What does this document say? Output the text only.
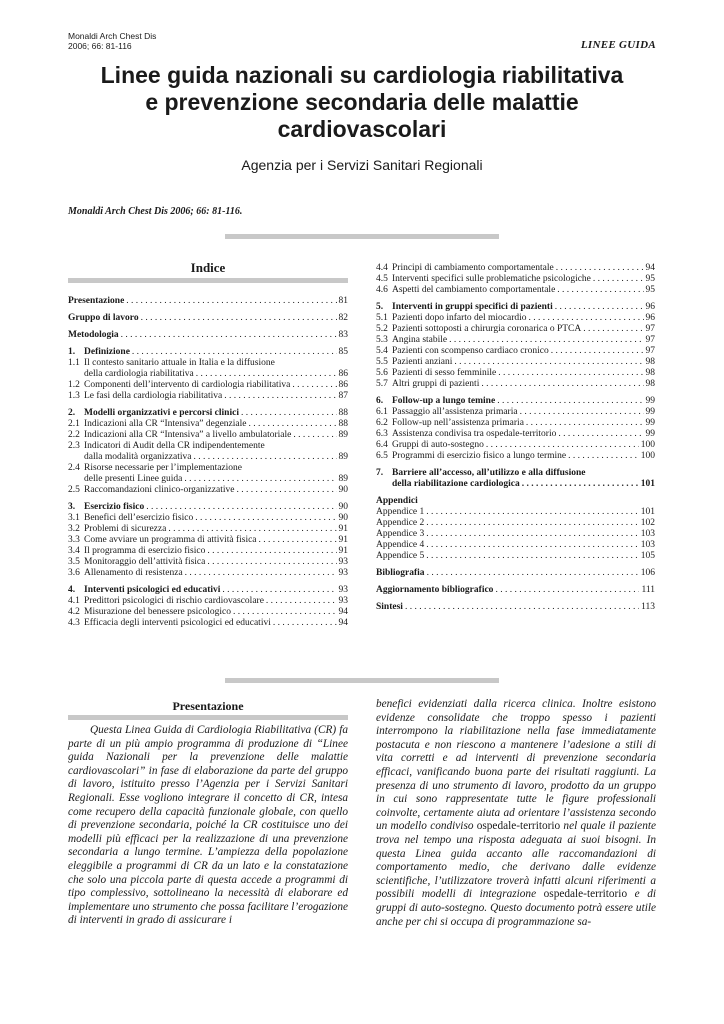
Monaldi Arch Chest Dis
2006; 66: 81-116	LINEE GUIDA
Linee guida nazionali su cardiologia riabilitativa
e prevenzione secondaria delle malattie
cardiovascolari
Agenzia per i Servizi Sanitari Regionali
Monaldi Arch Chest Dis 2006; 66: 81-116.
Indice
Presentazione . . .	81
Gruppo di lavoro . . .	82
Metodologia . . .	83
1. Definizione . . .	85
1.1 Il contesto sanitario attuale in Italia e la diffusione
della cardiologia riabilitativa . . .	86
1.2 Componenti dell’intervento di cardiologia riabilitativa . . .	86
1.3 Le fasi della cardiologia riabilitativa . . .	87
2. Modelli organizzativi e percorsi clinici . . .	88
2.1 Indicazioni alla CR “Intensiva” degenziale . . .	88
2.2 Indicazioni alla CR “Intensiva” a livello ambulatoriale . . .	89
2.3 Indicatori di Audit della CR indipendentemente
dalla modalità organizzativa . . .	89
2.4 Risorse necessarie per l’implementazione
delle presenti Linee guida . . .	89
2.5 Raccomandazioni clinico-organizzative . . .	90
3. Esercizio fisico . . .	90
3.1 Benefici dell’esercizio fisico . . .	90
3.2 Problemi di sicurezza . . .	91
3.3 Come avviare un programma di attività fisica . . .	91
3.4 Il programma di esercizio fisico . . .	91
3.5 Monitoraggio dell’attività fisica . . .	93
3.6 Allenamento di resistenza . . .	93
4. Interventi psicologici ed educativi . . .	93
4.1 Predittori psicologici di rischio cardiovascolare . . .	93
4.2 Misurazione del benessere psicologico . . .	94
4.3 Efficacia degli interventi psicologici ed educativi . . .	94
4.4 Principi di cambiamento comportamentale . . .	94
4.5 Interventi specifici sulle problematiche psicologiche . . .	95
4.6 Aspetti del cambiamento comportamentale . . .	95
5. Interventi in gruppi specifici di pazienti . . .	96
5.1 Pazienti dopo infarto del miocardio . . .	96
5.2 Pazienti sottoposti a chirurgia coronarica o PTCA . . .	97
5.3 Angina stabile . . .	97
5.4 Pazienti con scompenso cardiaco cronico . . .	97
5.5 Pazienti anziani . . .	98
5.6 Pazienti di sesso femminile . . .	98
5.7 Altri gruppi di pazienti . . .	98
6. Follow-up a lungo temine . . .	99
6.1 Passaggio all’assistenza primaria . . .	99
6.2 Follow-up nell’assistenza primaria . . .	99
6.3 Assistenza condivisa tra ospedale-territorio . . .	99
6.4 Gruppi di auto-sostegno . . .	100
6.5 Programmi di esercizio fisico a lungo termine . . .	100
7. Barriere all’accesso, all’utilizzo e alla diffusione
della riabilitazione cardiologica . . .	101
Appendici
Appendice 1 . . .	101
Appendice 2 . . .	102
Appendice 3 . . .	103
Appendice 4 . . .	103
Appendice 5 . . .	105
Bibliografia . . .	106
Aggiornamento bibliografico . . .	111
Sintesi . . .	113
Presentazione

Questa Linea Guida di Cardiologia Riabilitativa (CR) fa parte di un più ampio programma di produzione di “Linee guida Nazionali per la prevenzione delle malattie cardiovascolari” in fase di elaborazione da parte del gruppo di lavoro, istituito presso l’Agenzia per i Servizi Sanitari Regionali. Esse vogliono integrare il concetto di CR, intesa come recupero della capacità funzionale globale, con quello di prevenzione secondaria, poiché la CR costituisce uno dei modelli più efficaci per la realizzazione di una prevenzione secondaria a lungo termine. L’ampiezza della popolazione eleggibile a programmi di CR da un lato e la constatazione che solo una piccola parte di questa accede a programmi di tipo complessivo, sottolineano la necessità di elaborare ed implementare uno strumento che possa facilitare l’erogazione di interventi in grado di assicurare i

benefici evidenziati dalla ricerca clinica. Inoltre esistono evidenze consolidate che troppo spesso i pazienti interrompono la riabilitazione nella fase immediatamente postacuta e non riescono a mantenere l’adesione a stili di vita corretti e ad interventi di prevenzione secondaria efficaci, vanificando buona parte dei risultati raggiunti. La presenza di uno strumento di lavoro, prodotto da un gruppo in cui sono rappresentate tutte le figure professionali coinvolte, certamente aiuta ad orientare l’assistenza secondo un modello condiviso ospedale-territorio nel quale il paziente trova nel tempo una risposta adeguata ai suoi bisogni. In questa Linea guida accanto alle raccomandazioni di comportamento medio, che derivano dalle evidenze scientifiche, l’utilizzatore troverà infatti alcuni riferimenti a possibili modelli di integrazione ospedale-territorio e di gruppi di auto-sostegno. Questo documento potrà essere utile anche per chi si occupa di programmazione sa-
